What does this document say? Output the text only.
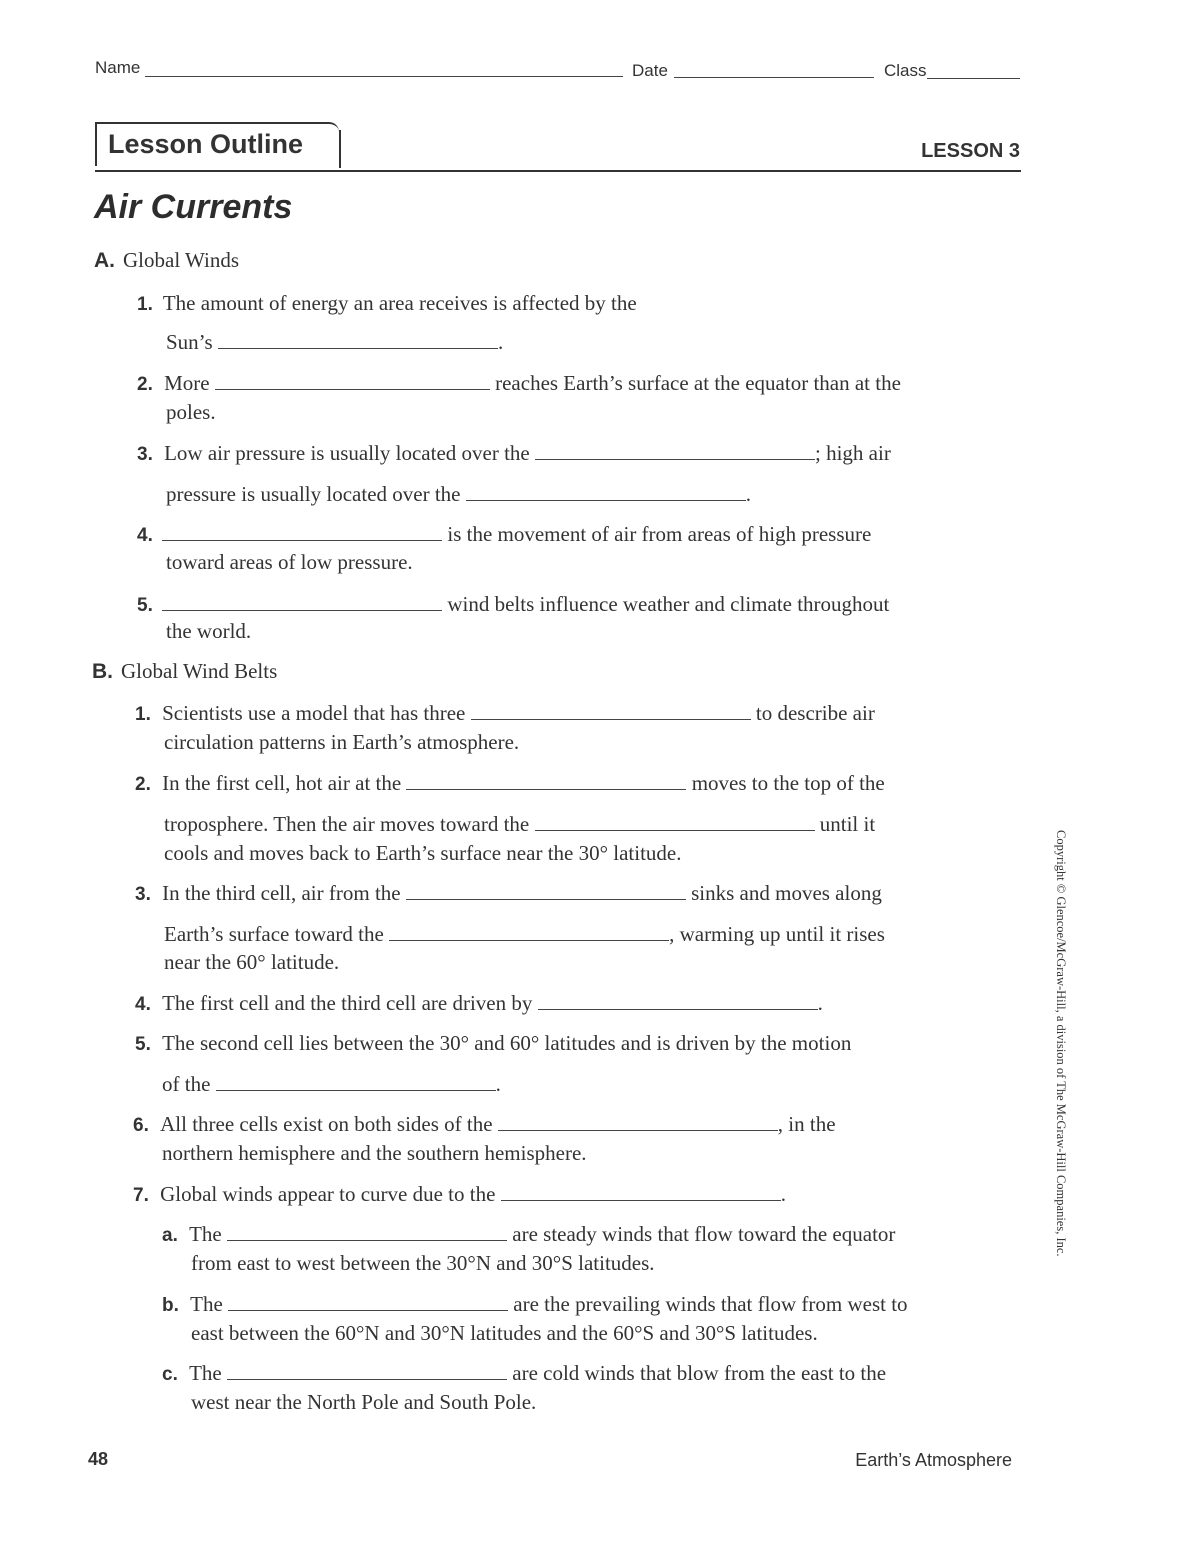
Name	Date	Class
Lesson Outline	LESSON 3
Air Currents
A. Global Winds
1. The amount of energy an area receives is affected by the
Sun’s	.
2. More	reaches Earth’s surface at the equator than at the
poles.
3. Low air pressure is usually located over the	; high air
pressure is usually located over the	.
4.	is the movement of air from areas of high pressure
toward areas of low pressure.
5.	wind belts influence weather and climate throughout
the world.
B. Global Wind Belts
1. Scientists use a model that has three	to describe air
circulation patterns in Earth’s atmosphere.
2. In the first cell, hot air at the	moves to the top of the
troposphere. Then the air moves toward the	until it
cools and moves back to Earth’s surface near the 30° latitude.
3. In the third cell, air from the	sinks and moves along
Earth’s surface toward the	, warming up until it rises
near the 60° latitude.
4. The first cell and the third cell are driven by	.
5. The second cell lies between the 30° and 60° latitudes and is driven by the motion
of the	.
6. All three cells exist on both sides of the	, in the
northern hemisphere and the southern hemisphere.
7. Global winds appear to curve due to the	.
a. The	are steady winds that flow toward the equator
from east to west between the 30°N and 30°S latitudes.
b. The	are the prevailing winds that flow from west to
east between the 60°N and 30°N latitudes and the 60°S and 30°S latitudes.
c. The	are cold winds that blow from the east to the
west near the North Pole and South Pole.
Copyright © Glencoe/McGraw-Hill, a division of The McGraw-Hill Companies, Inc.
48	Earth’s Atmosphere
